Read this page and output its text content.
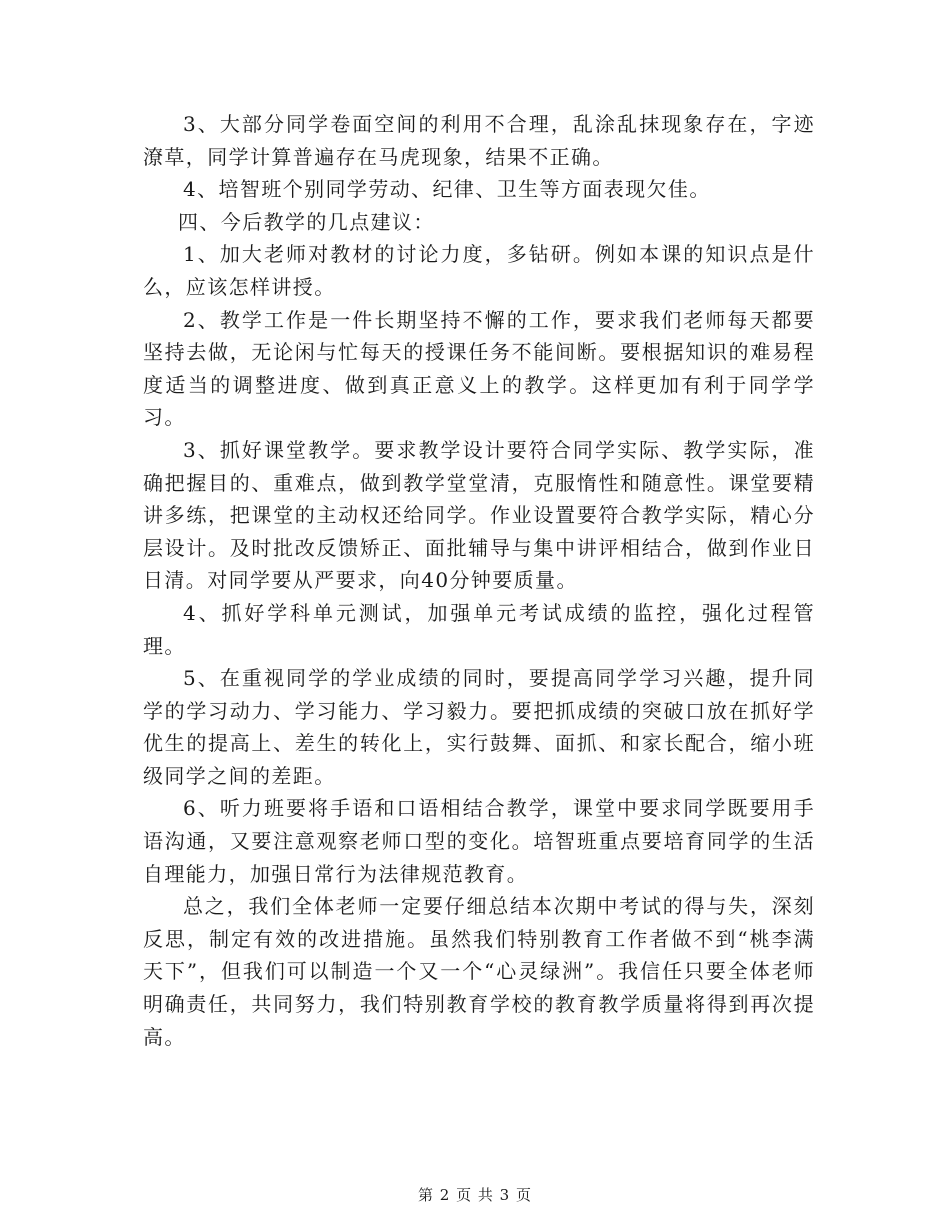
3、大部分同学卷面空间的利用不合理，乱涂乱抹现象存在，字迹潦草，同学计算普遍存在马虎现象，结果不正确。

4、培智班个别同学劳动、纪律、卫生等方面表现欠佳。

四、今后教学的几点建议：

1、加大老师对教材的讨论力度，多钻研。例如本课的知识点是什么，应该怎样讲授。

2、教学工作是一件长期坚持不懈的工作，要求我们老师每天都要坚持去做，无论闲与忙每天的授课任务不能间断。要根据知识的难易程度适当的调整进度、做到真正意义上的教学。这样更加有利于同学学习。

3、抓好课堂教学。要求教学设计要符合同学实际、教学实际，准确把握目的、重难点，做到教学堂堂清，克服惰性和随意性。课堂要精讲多练，把课堂的主动权还给同学。作业设置要符合教学实际，精心分层设计。及时批改反馈矫正、面批辅导与集中讲评相结合，做到作业日日清。对同学要从严要求，向40分钟要质量。

4、抓好学科单元测试，加强单元考试成绩的监控，强化过程管理。

5、在重视同学的学业成绩的同时，要提高同学学习兴趣，提升同学的学习动力、学习能力、学习毅力。要把抓成绩的突破口放在抓好学优生的提高上、差生的转化上，实行鼓舞、面抓、和家长配合，缩小班级同学之间的差距。

6、听力班要将手语和口语相结合教学，课堂中要求同学既要用手语沟通，又要注意观察老师口型的变化。培智班重点要培育同学的生活自理能力，加强日常行为法律规范教育。

总之，我们全体老师一定要仔细总结本次期中考试的得与失，深刻反思，制定有效的改进措施。虽然我们特别教育工作者做不到“桃李满天下”，但我们可以制造一个又一个“心灵绿洲”。我信任只要全体老师明确责任，共同努力，我们特别教育学校的教育教学质量将得到再次提高。

第 2 页 共 3 页
